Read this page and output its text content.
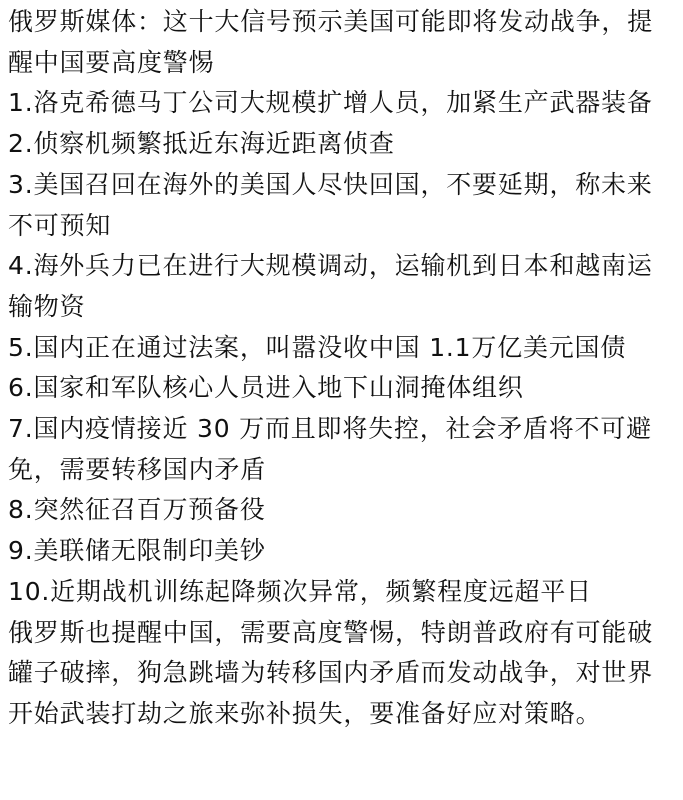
俄罗斯媒体：这十大信号预示美国可能即将发动战争，提醒中国要高度警惕

1.洛克希德马丁公司大规模扩增人员，加紧生产武器装备

2.侦察机频繁抵近东海近距离侦查

3.美国召回在海外的美国人尽快回国，不要延期，称未来不可预知

4.海外兵力已在进行大规模调动，运输机到日本和越南运输物资

5.国内正在通过法案，叫嚣没收中国 1.1万亿美元国债

6.国家和军队核心人员进入地下山洞掩体组织

7.国内疫情接近 30 万而且即将失控，社会矛盾将不可避免，需要转移国内矛盾

8.突然征召百万预备役

9.美联储无限制印美钞

10.近期战机训练起降频次异常，频繁程度远超平日

俄罗斯也提醒中国，需要高度警惕，特朗普政府有可能破罐子破摔，狗急跳墙为转移国内矛盾而发动战争，对世界开始武装打劫之旅来弥补损失，要准备好应对策略。
